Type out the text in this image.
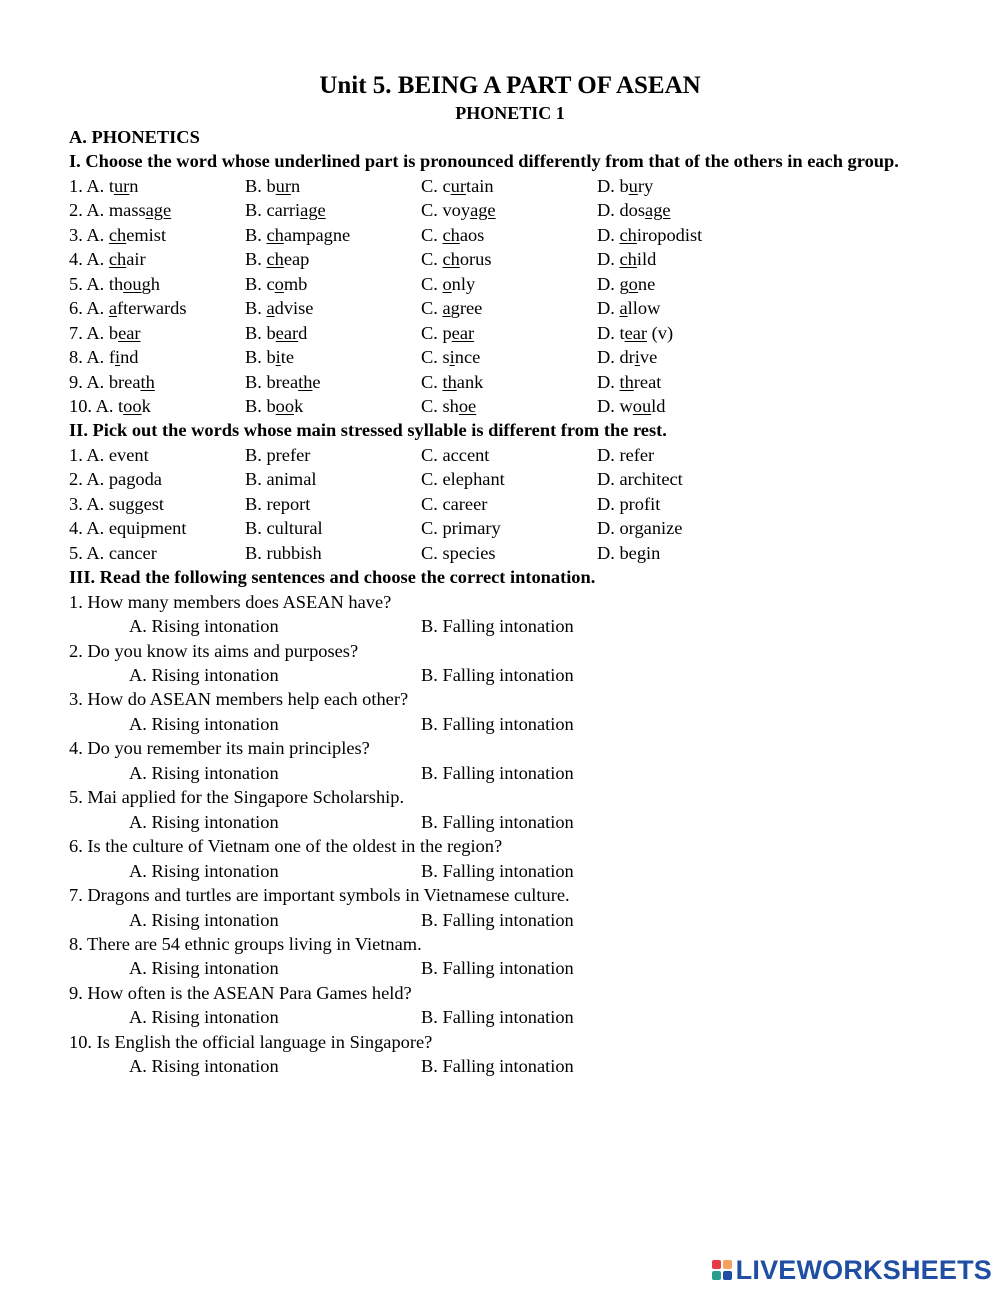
Unit 5. BEING A PART OF ASEAN
PHONETIC 1
A. PHONETICS
I. Choose the word whose underlined part is pronounced differently from that of the others in each group.
1. A. turn	B. burn	C. curtain	D. bury
2. A. massage	B. carriage	C. voyage	D. dosage
3. A. chemist	B. champagne	C. chaos	D. chiropodist
4. A. chair	B. cheap	C. chorus	D. child
5. A. though	B. comb	C. only	D. gone
6. A. afterwards	B. advise	C. agree	D. allow
7. A. bear	B. beard	C. pear	D. tear (v)
8. A. find	B. bite	C. since	D. drive
9. A. breath	B. breathe	C. thank	D. threat
10. A. took	B. book	C. shoe	D. would
II. Pick out the words whose main stressed syllable is different from the rest.
1. A. event	B. prefer	C. accent	D. refer
2. A. pagoda	B. animal	C. elephant	D. architect
3. A. suggest	B. report	C. career	D. profit
4. A. equipment	B. cultural	C. primary	D. organize
5. A. cancer	B. rubbish	C. species	D. begin
III. Read the following sentences and choose the correct intonation.
1. How many members does ASEAN have?
A. Rising intonation	B. Falling intonation
2. Do you know its aims and purposes?
A. Rising intonation	B. Falling intonation
3. How do ASEAN members help each other?
A. Rising intonation	B. Falling intonation
4. Do you remember its main principles?
A. Rising intonation	B. Falling intonation
5. Mai applied for the Singapore Scholarship.
A. Rising intonation	B. Falling intonation
6. Is the culture of Vietnam one of the oldest in the region?
A. Rising intonation	B. Falling intonation
7. Dragons and turtles are important symbols in Vietnamese culture.
A. Rising intonation	B. Falling intonation
8. There are 54 ethnic groups living in Vietnam.
A. Rising intonation	B. Falling intonation
9. How often is the ASEAN Para Games held?
A. Rising intonation	B. Falling intonation
10. Is English the official language in Singapore?
A. Rising intonation	B. Falling intonation
LIVEWORKSHEETS
